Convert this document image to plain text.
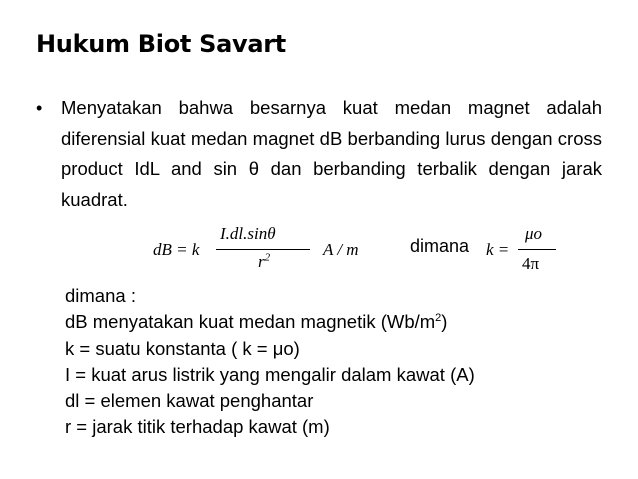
Hukum Biot Savart
• Menyatakan bahwa besarnya kuat medan magnet adalah diferensial kuat medan magnet dB berbanding lurus dengan cross product IdL and sin θ dan berbanding terbalik dengan jarak kuadrat.
dB = k
I.dl.sinθ
$r^2$	A / m	dimana k =
μo
4π
dimana :
dB menyatakan kuat medan magnetik $(Wb/m^2)$
k = suatu konstanta ( k = μo)
I = kuat arus listrik yang mengalir dalam kawat (A)
dl = elemen kawat penghantar
r = jarak titik terhadap kawat (m)
